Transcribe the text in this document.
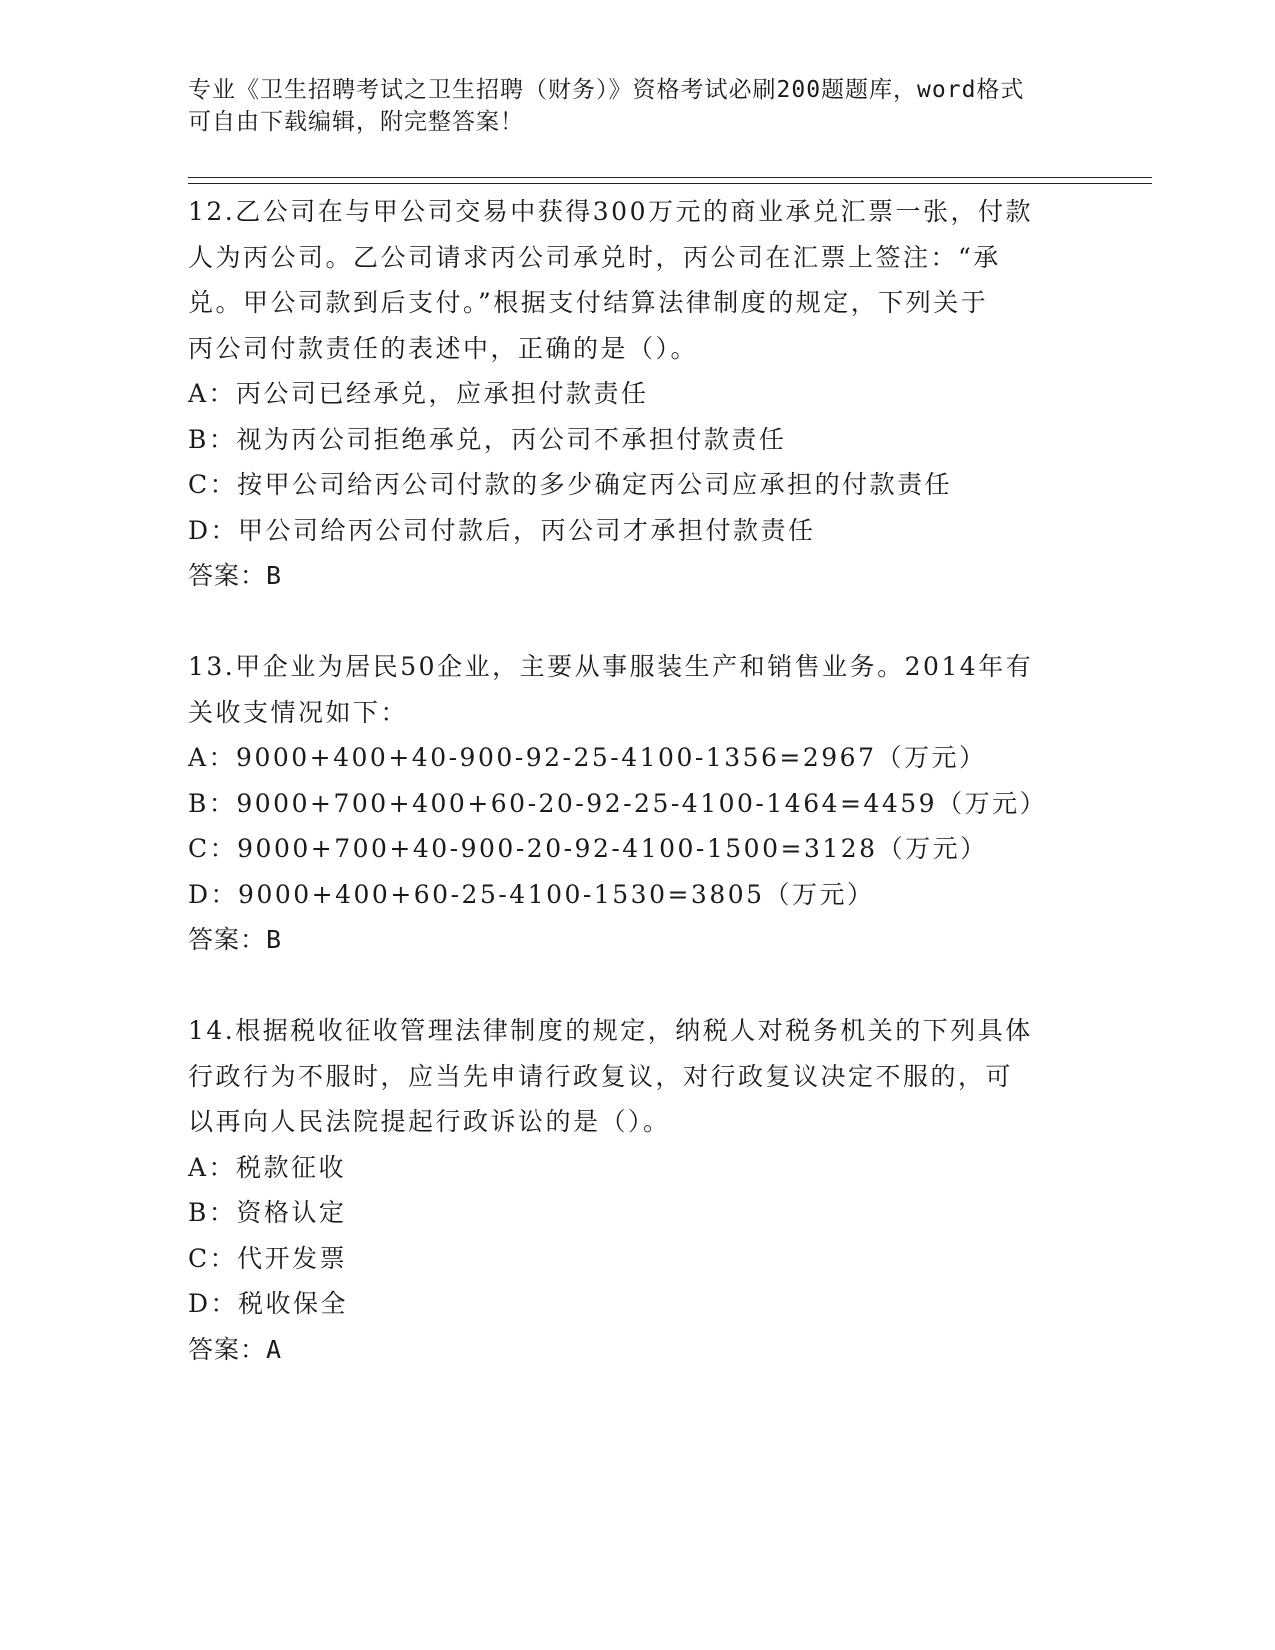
专业《卫生招聘考试之卫生招聘（财务）》资格考试必刷200题题库，word格式
可自由下载编辑，附完整答案！
12.乙公司在与甲公司交易中获得300万元的商业承兑汇票一张，付款
人为丙公司。乙公司请求丙公司承兑时，丙公司在汇票上签注：“承
兑。甲公司款到后支付。”根据支付结算法律制度的规定，下列关于
丙公司付款责任的表述中，正确的是（）。
A：丙公司已经承兑，应承担付款责任
B：视为丙公司拒绝承兑，丙公司不承担付款责任
C：按甲公司给丙公司付款的多少确定丙公司应承担的付款责任
D：甲公司给丙公司付款后，丙公司才承担付款责任
答案：B
13.甲企业为居民50企业，主要从事服装生产和销售业务。2014年有
关收支情况如下：
A：9000+400+40-900-92-25-4100-1356=2967（万元）
B：9000+700+400+60-20-92-25-4100-1464=4459（万元）
C：9000+700+40-900-20-92-4100-1500=3128（万元）
D：9000+400+60-25-4100-1530=3805（万元）
答案：B
14.根据税收征收管理法律制度的规定，纳税人对税务机关的下列具体
行政行为不服时，应当先申请行政复议，对行政复议决定不服的，可
以再向人民法院提起行政诉讼的是（）。
A：税款征收
B：资格认定
C：代开发票
D：税收保全
答案：A
